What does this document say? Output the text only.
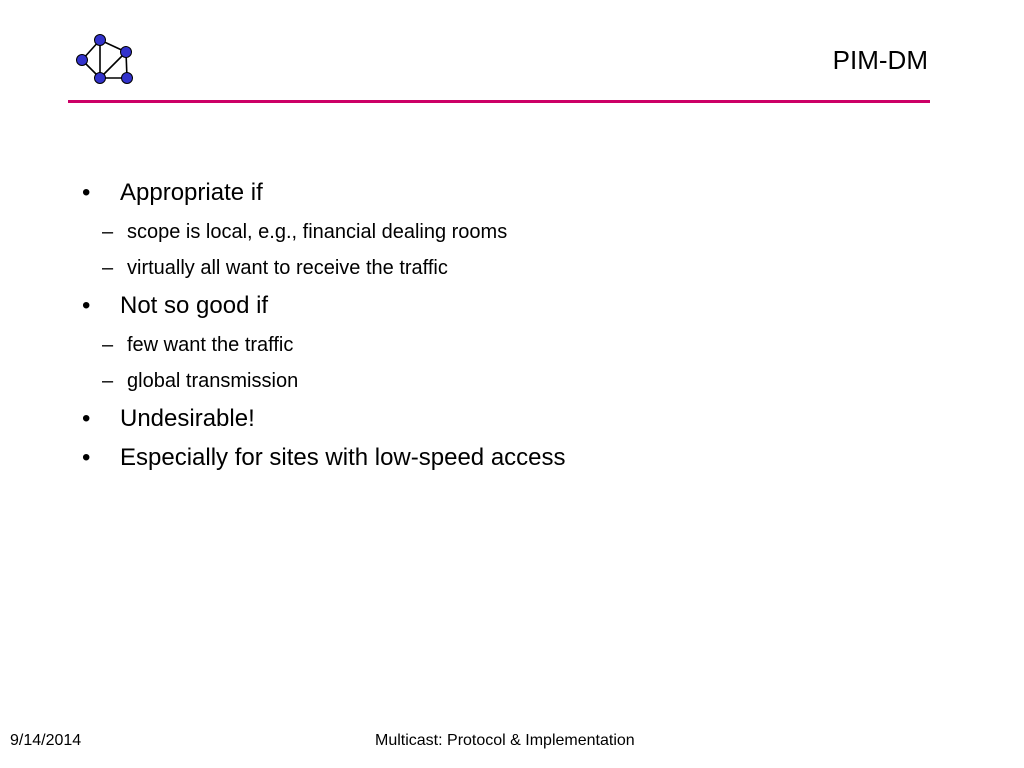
PIM-DM
• Appropriate if
– scope is local, e.g., financial dealing rooms
– virtually all want to receive the traffic
• Not so good if
– few want the traffic
– global transmission
• Undesirable!
• Especially for sites with low-speed access
9/14/2014	Multicast: Protocol & Implementation
